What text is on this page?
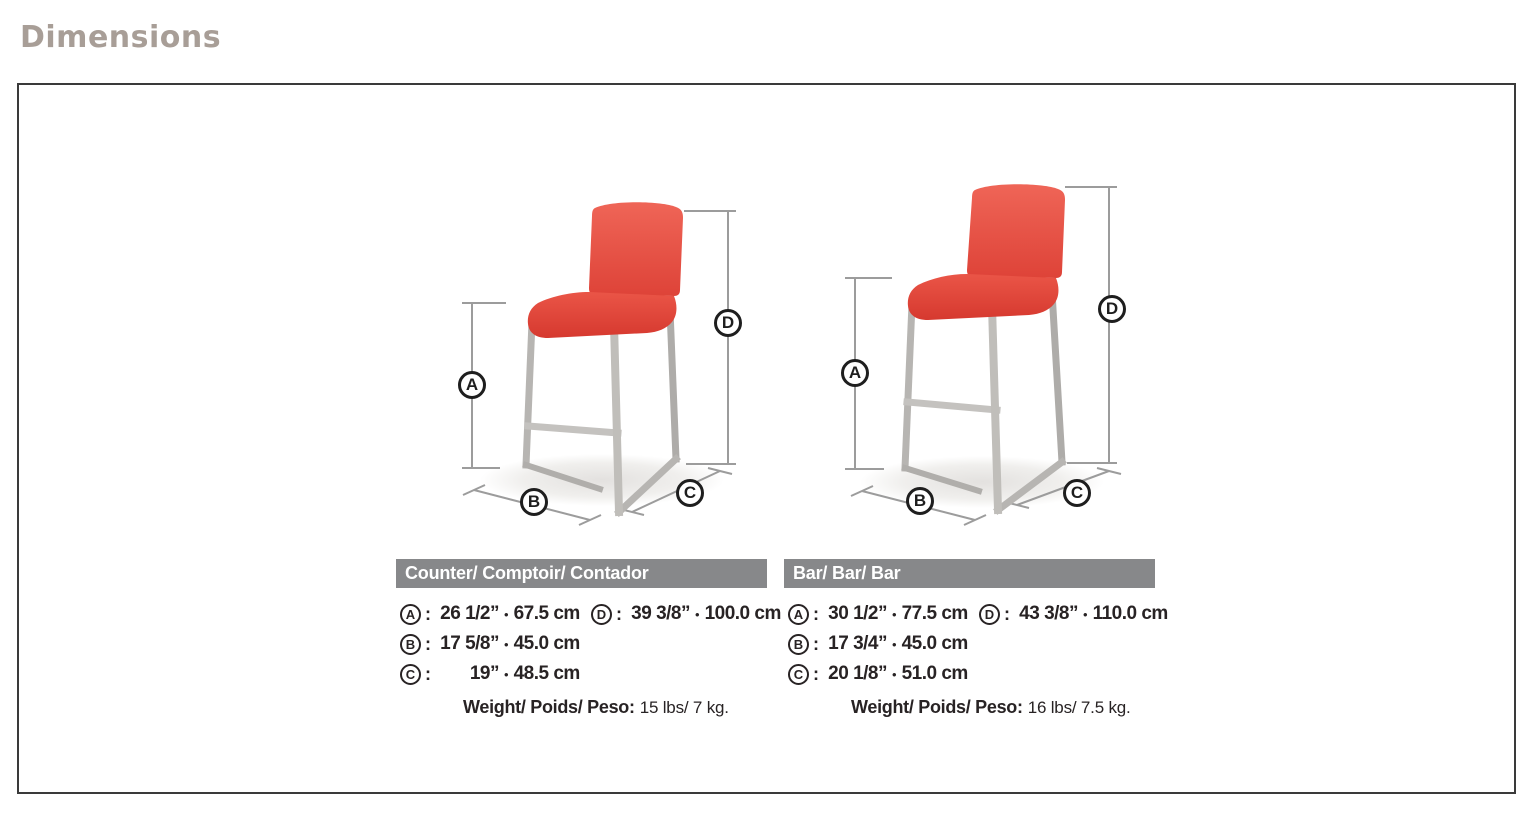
Dimensions
A
D
B	C
A
D
B	C
Counter/ Comptoir/ Contador	Bar/ Bar/ Bar
A : 26 1/2” • 67.5 cm	D : 39 3/8” • 100.0 cm
B : 17 5/8” • 45.0 cm
C :	19” • 48.5 cm
Weight/ Poids/ Peso: 15 lbs/ 7 kg.
A : 30 1/2” • 77.5 cm	D : 43 3/8” • 110.0 cm
B : 17 3/4” • 45.0 cm
C : 20 1/8” • 51.0 cm
Weight/ Poids/ Peso: 16 lbs/ 7.5 kg.
